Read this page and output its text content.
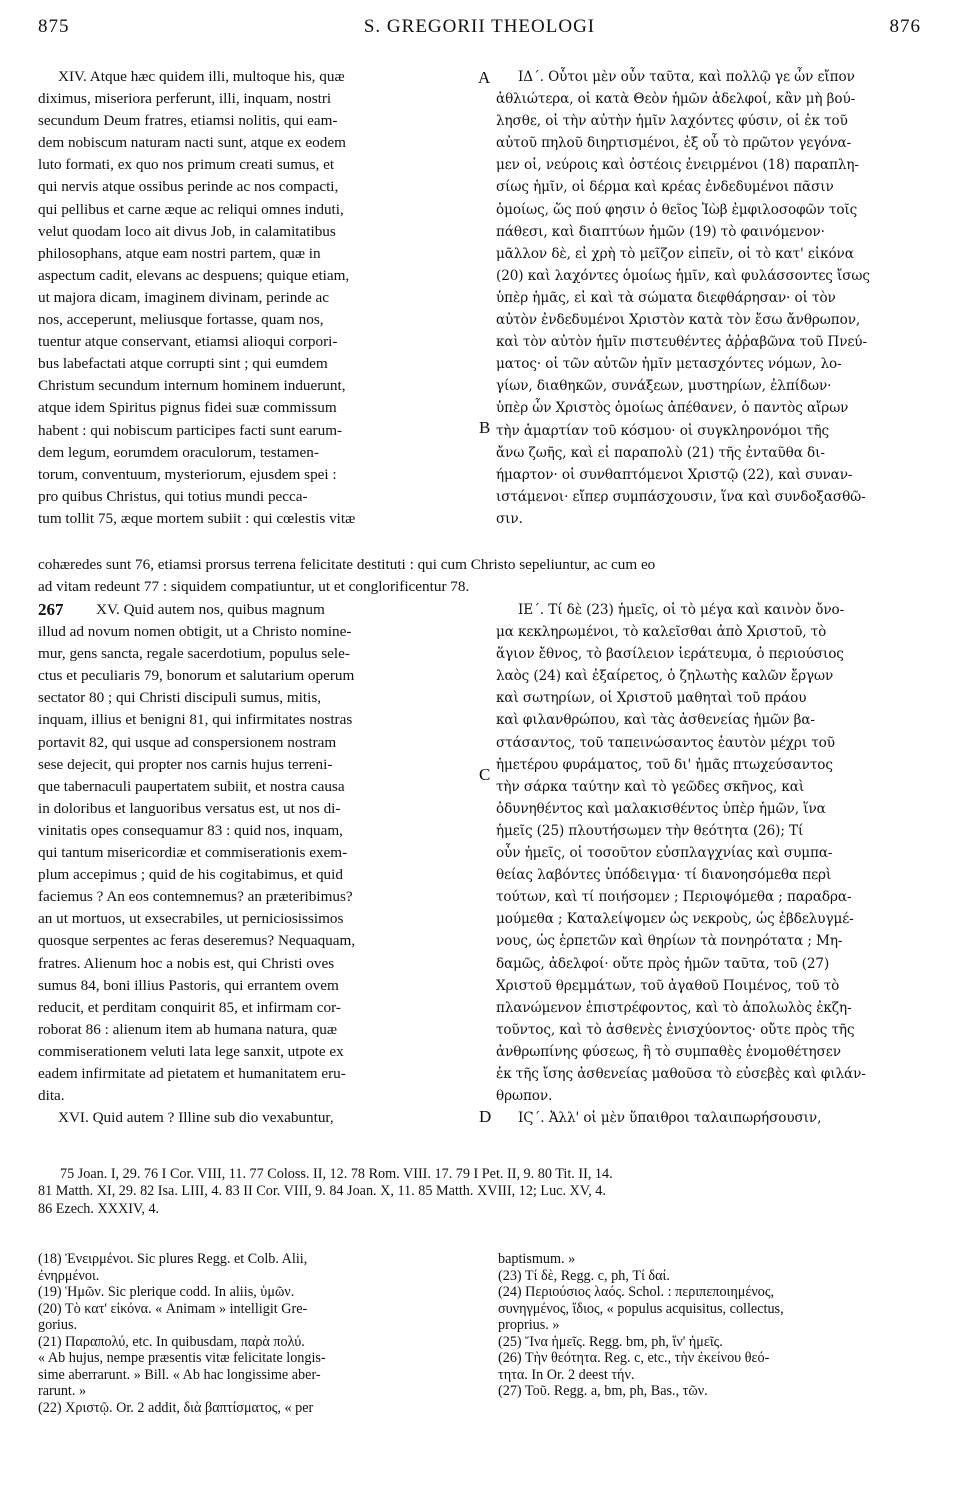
875	S. GREGORII THEOLOGI	876
XIV. Atque hæc quidem illi, multoque his, quæ
diximus, miseriora perferunt, illi, inquam, nostri
secundum Deum fratres, etiamsi nolitis, qui eam-
dem nobiscum naturam nacti sunt, atque ex eodem
luto formati, ex quo nos primum creati sumus, et
qui nervis atque ossibus perinde ac nos compacti,
qui pellibus et carne æque ac reliqui omnes induti,
velut quodam loco ait divus Job, in calamitatibus
philosophans, atque eam nostri partem, quæ in
aspectum cadit, elevans ac despuens; quique etiam,
ut majora dicam, imaginem divinam, perinde ac
nos, acceperunt, meliusque fortasse, quam nos,
tuentur atque conservant, etiamsi alioqui corpori-
bus labefactati atque corrupti sint ; qui eumdem
Christum secundum internum hominem induerunt,
atque idem Spiritus pignus fidei suæ commissum
habent : qui nobiscum participes facti sunt earum-
dem legum, eorumdem oraculorum, testamen-
torum, conventuum, mysteriorum, ejusdem spei :
pro quibus Christus, qui totius mundi pecca-
tum tollit 75, æque mortem subiit : qui cœlestis vitæ
ΙΔ΄. Οὗτοι μὲν οὖν ταῦτα, καὶ πολλῷ γε ὧν εἴπον
ἀθλιώτερα, οἱ κατὰ Θεὸν ἡμῶν ἀδελφοί, κἂν μὴ βού-
λησθε, οἱ τὴν αὐτὴν ἡμῖν λαχόντες φύσιν, οἱ ἐκ τοῦ
αὐτοῦ πηλοῦ διηρτισμένοι, ἐξ οὗ τὸ πρῶτον γεγόνα-
μεν οἱ, νεύροις καὶ ὀστέοις ἐνειρμένοι (18) παραπλη-
σίως ἡμῖν, οἱ δέρμα καὶ κρέας ἐνδεδυμένοι πᾶσιν
ὁμοίως, ὥς πού φησιν ὁ θεῖος Ἰὼβ ἐμφιλοσοφῶν τοῖς
πάθεσι, καὶ διαπτύων ἡμῶν (19) τὸ φαινόμενον·
μᾶλλον δὲ, εἰ χρὴ τὸ μεῖζον εἰπεῖν, οἱ τὸ κατ' εἰκόνα
(20) καὶ λαχόντες ὁμοίως ἡμῖν, καὶ φυλάσσοντες ἴσως
ὑπὲρ ἡμᾶς, εἰ καὶ τὰ σώματα διεφθάρησαν· οἱ τὸν
αὐτὸν ἐνδεδυμένοι Χριστὸν κατὰ τὸν ἔσω ἄνθρωπον,
καὶ τὸν αὐτὸν ἡμῖν πιστευθέντες ἀῤῥαβῶνα τοῦ Πνεύ-
ματος· οἱ τῶν αὐτῶν ἡμῖν μετασχόντες νόμων, λο-
γίων, διαθηκῶν, συνάξεων, μυστηρίων, ἐλπίδων·
ὑπὲρ ὧν Χριστὸς ὁμοίως ἀπέθανεν, ὁ παντὸς αἴρων
τὴν ἁμαρτίαν τοῦ κόσμου· οἱ συγκληρονόμοι τῆς
ἄνω ζωῆς, καὶ εἰ παραπολὺ (21) τῆς ἐνταῦθα δι-
ήμαρτον· οἱ συνθαπτόμενοι Χριστῷ (22), καὶ συναν-
ιστάμενοι· εἴπερ συμπάσχουσιν, ἵνα καὶ συνδοξασθῶ-
σιν.
A
B
cohæredes sunt 76, etiamsi prorsus terrena felicitate destituti : qui cum Christo sepeliuntur, ac cum eo
ad vitam redeunt 77 : siquidem compatiuntur, ut et conglorificentur 78.
267	XV. Quid autem nos, quibus magnum
illud ad novum nomen obtigit, ut a Christo nomine-
mur, gens sancta, regale sacerdotium, populus sele-
ctus et peculiaris 79, bonorum et salutarium operum
sectator 80 ; qui Christi discipuli sumus, mitis,
inquam, illius et benigni 81, qui infirmitates nostras
portavit 82, qui usque ad conspersionem nostram
sese dejecit, qui propter nos carnis hujus terreni-
que tabernaculi paupertatem subiit, et nostra causa
in doloribus et languoribus versatus est, ut nos di-
vinitatis opes consequamur 83 : quid nos, inquam,
qui tantum misericordiæ et commiserationis exem-
plum accepimus ; quid de his cogitabimus, et quid
faciemus ? An eos contemnemus? an præteribimus?
an ut mortuos, ut exsecrabiles, ut perniciosissimos
quosque serpentes ac feras deseremus? Nequaquam,
fratres. Alienum hoc a nobis est, qui Christi oves
sumus 84, boni illius Pastoris, qui errantem ovem
reducit, et perditam conquirit 85, et infirmam cor-
roborat 86 : alienum item ab humana natura, quæ
commiserationem veluti lata lege sanxit, utpote ex
eadem infirmitate ad pietatem et humanitatem eru-
dita.
XVI. Quid autem ? Illine sub dio vexabuntur,
ΙΕ΄. Τί δὲ (23) ἡμεῖς, οἱ τὸ μέγα καὶ καινὸν ὄνο-
μα κεκληρωμένοι, τὸ καλεῖσθαι ἀπὸ Χριστοῦ, τὸ
ἅγιον ἔθνος, τὸ βασίλειον ἱεράτευμα, ὁ περιούσιος
λαὸς (24) καὶ ἐξαίρετος, ὁ ζηλωτὴς καλῶν ἔργων
καὶ σωτηρίων, οἱ Χριστοῦ μαθηταὶ τοῦ πράου
καὶ φιλανθρώπου, καὶ τὰς ἀσθενείας ἡμῶν βα-
στάσαντος, τοῦ ταπεινώσαντος ἑαυτὸν μέχρι τοῦ
ἡμετέρου φυράματος, τοῦ δι' ἡμᾶς πτωχεύσαντος
τὴν σάρκα ταύτην καὶ τὸ γεῶδες σκῆνος, καὶ
ὀδυνηθέντος καὶ μαλακισθέντος ὑπὲρ ἡμῶν, ἵνα
ἡμεῖς (25) πλουτήσωμεν τὴν θεότητα (26); Τί
οὖν ἡμεῖς, οἱ τοσοῦτον εὐσπλαγχνίας καὶ συμπα-
θείας λαβόντες ὑπόδειγμα· τί διανοησόμεθα περὶ
τούτων, καὶ τί ποιήσομεν ; Περιοψόμεθα ; παραδρα-
μούμεθα ; Καταλείψομεν ὡς νεκροὺς, ὡς ἐβδελυγμέ-
νους, ὡς ἑρπετῶν καὶ θηρίων τὰ πονηρότατα ; Μη-
δαμῶς, ἀδελφοί· οὔτε πρὸς ἡμῶν ταῦτα, τοῦ (27)
Χριστοῦ θρεμμάτων, τοῦ ἀγαθοῦ Ποιμένος, τοῦ τὸ
πλανώμενον ἐπιστρέφοντος, καὶ τὸ ἀπολωλὸς ἐκζη-
τοῦντος, καὶ τὸ ἀσθενὲς ἐνισχύοντος· οὔτε πρὸς τῆς
ἀνθρωπίνης φύσεως, ἣ τὸ συμπαθὲς ἐνομοθέτησεν
ἐκ τῆς ἴσης ἀσθενείας μαθοῦσα τὸ εὐσεβὲς καὶ φιλάν-
θρωπον.
ΙϚ΄. Ἀλλ' οἱ μὲν ὕπαιθροι ταλαιπωρήσουσιν,
C
D
75 Joan. I, 29. 76 I Cor. VIII, 11. 77 Coloss. II, 12. 78 Rom. VIII. 17. 79 I Pet. II, 9. 80 Tit. II, 14.
81 Matth. XI, 29. 82 Isa. LIII, 4. 83 II Cor. VIII, 9. 84 Joan. X, 11. 85 Matth. XVIII, 12; Luc. XV, 4.
86 Ezech. XXXIV, 4.
(18) Ἐνειρμένοι. Sic plures Regg. et Colb. Alii,
ἐνηρμένοι.
(19) Ἡμῶν. Sic plerique codd. In aliis, ὑμῶν.
(20) Τὸ κατ' εἰκόνα. « Animam » intelligit Gre-
gorius.
(21) Παραπολύ, etc. In quibusdam, παρὰ πολύ.
« Ab hujus, nempe præsentis vitæ felicitate longis-
sime aberrarunt. » Bill. « Ab hac longissime aber-
rarunt. »
(22) Χριστῷ. Or. 2 addit, διὰ βαπτίσματος, « per
baptismum. »
(23) Τί δὲ, Regg. c, ph, Τί δαί.
(24) Περιούσιος λαός. Schol. : περιπεποιημένος,
συνηγμένος, ἴδιος, « populus acquisitus, collectus,
proprius. »
(25) Ἵνα ἡμεῖς. Regg. bm, ph, ἵν' ἡμεῖς.
(26) Τὴν θεότητα. Reg. c, etc., τὴν ἐκείνου θεό-
τητα. In Or. 2 deest τήν.
(27) Τοῦ. Regg. a, bm, ph, Bas., τῶν.
